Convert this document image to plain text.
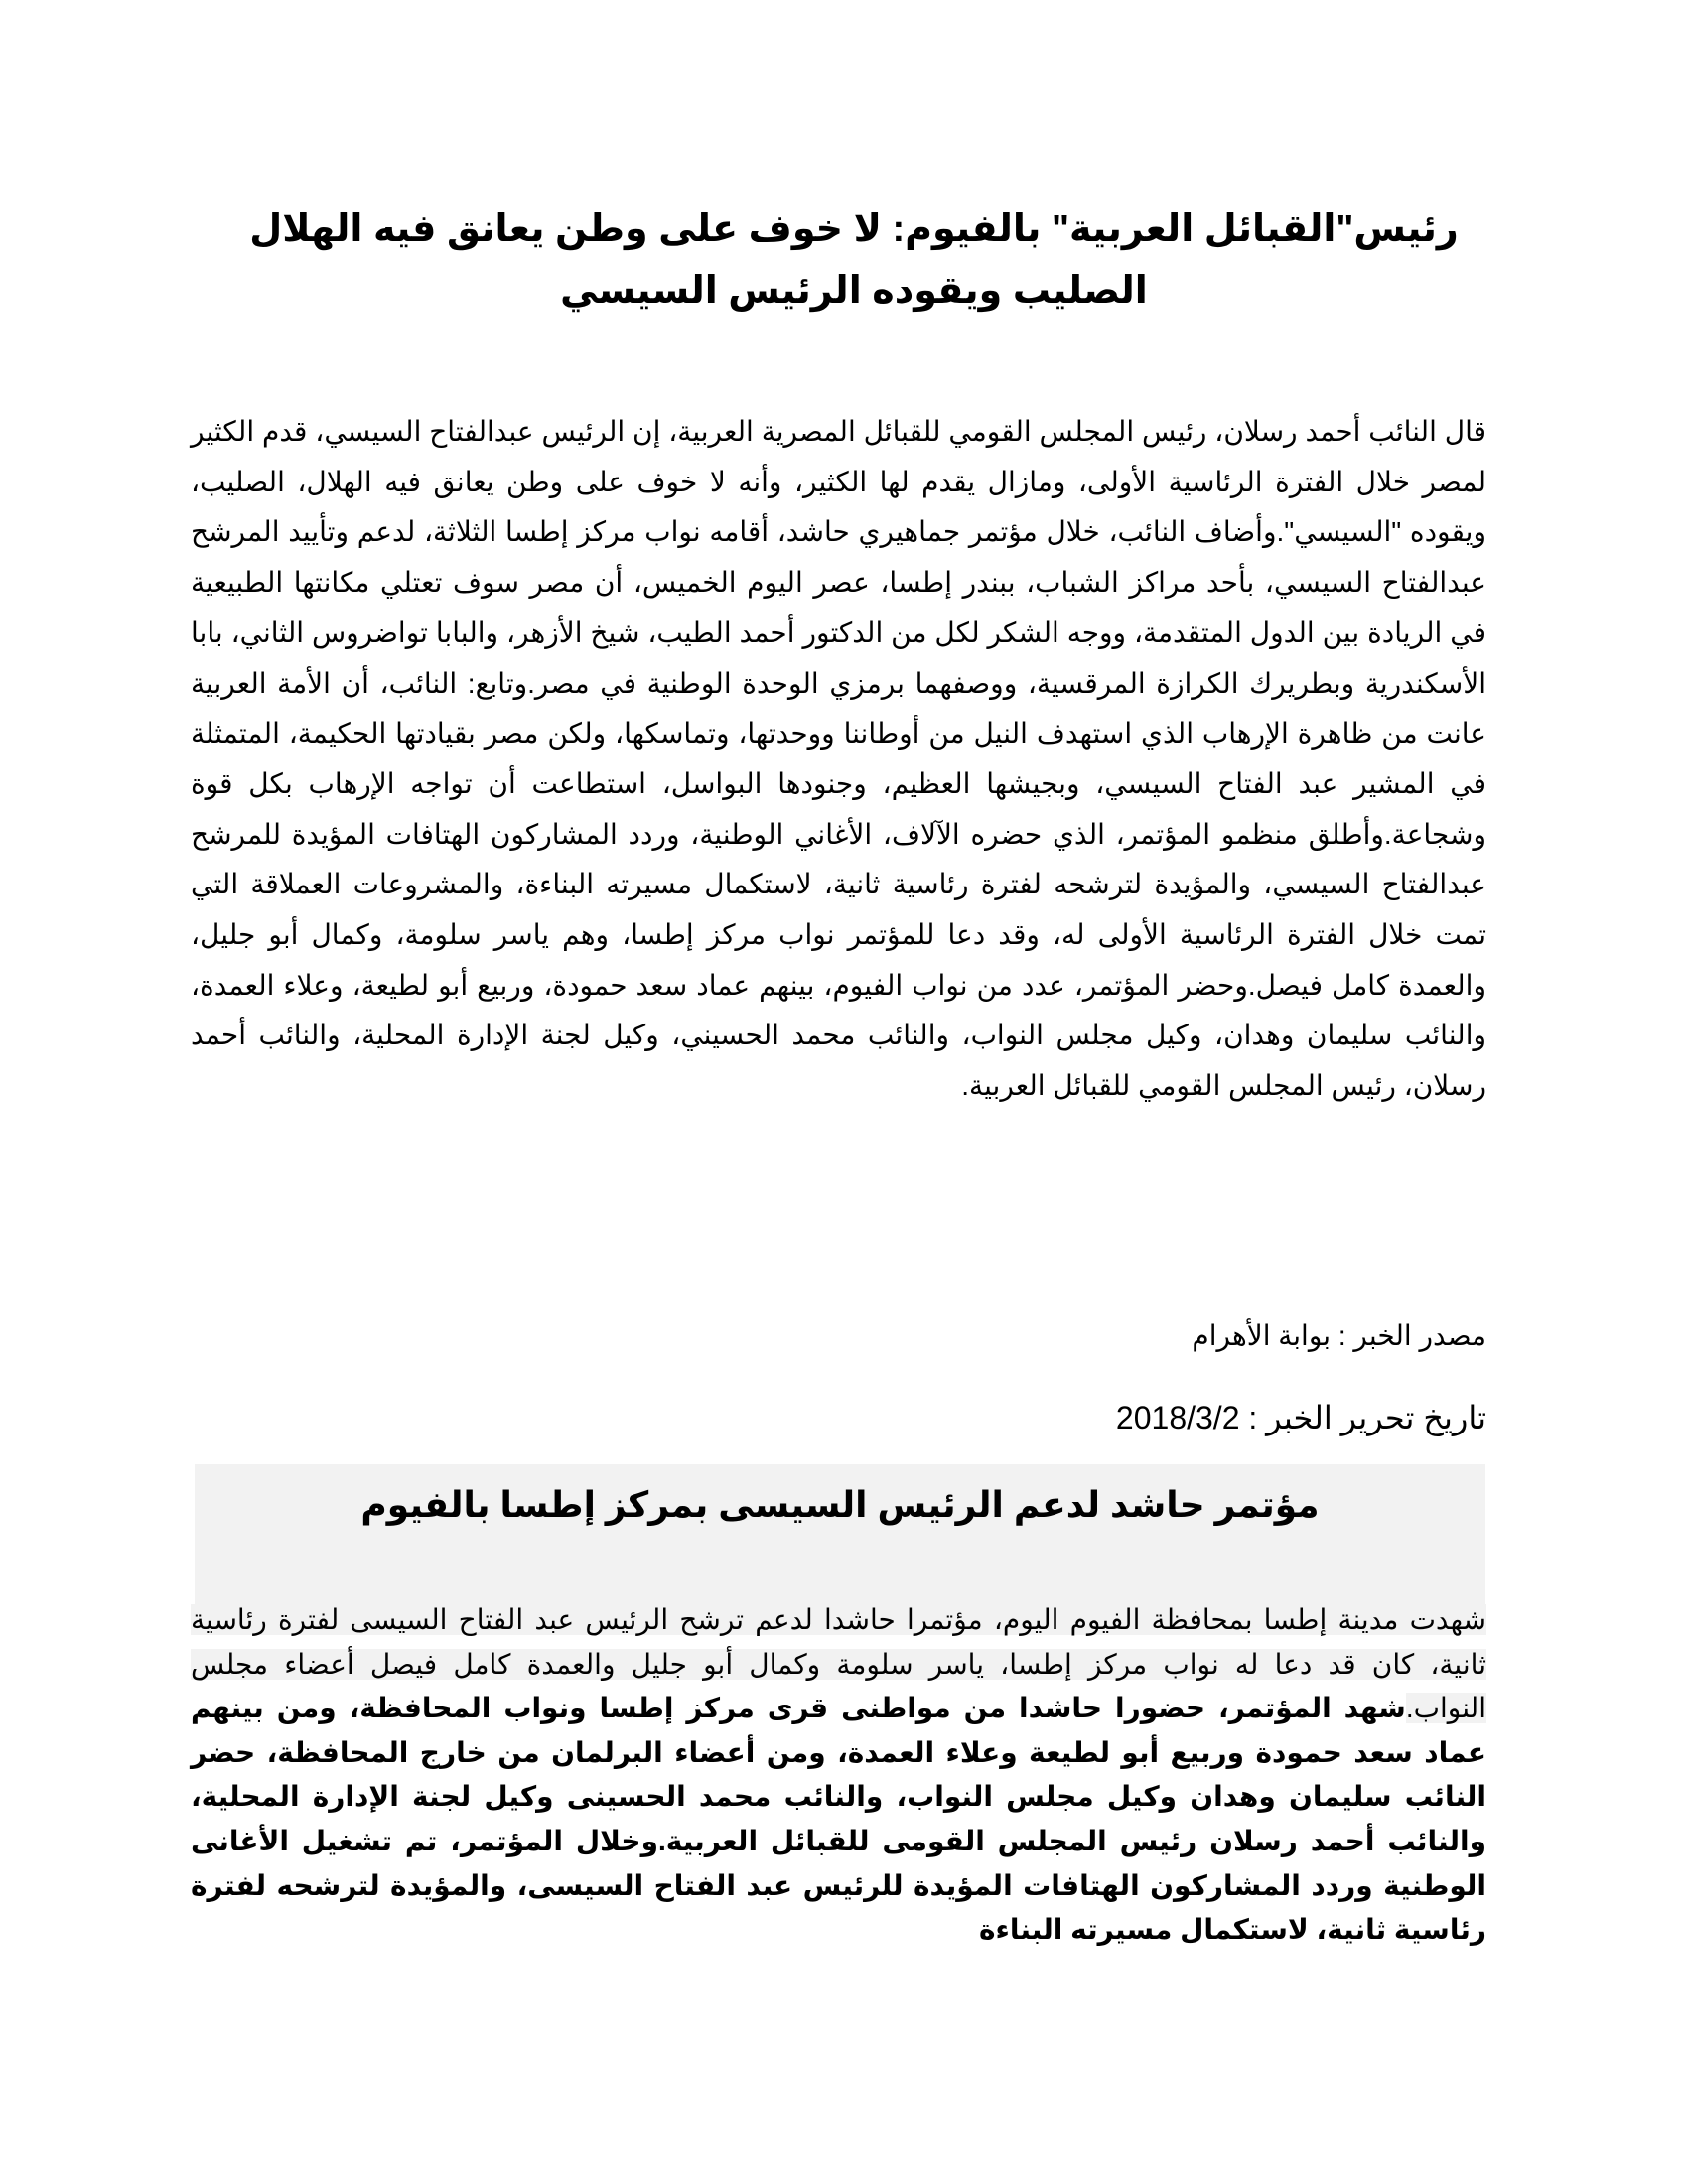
رئيس"القبائل العربية" بالفيوم: لا خوف على وطن يعانق فيه الهلال الصليب ويقوده الرئيس السيسي

قال النائب أحمد رسلان، رئيس المجلس القومي للقبائل المصرية العربية، إن الرئيس عبدالفتاح السيسي، قدم الكثير لمصر خلال الفترة الرئاسية الأولى، ومازال يقدم لها الكثير، وأنه لا خوف على وطن يعانق فيه الهلال، الصليب، ويقوده "السيسي".وأضاف النائب، خلال مؤتمر جماهيري حاشد، أقامه نواب مركز إطسا الثلاثة، لدعم وتأييد المرشح عبدالفتاح السيسي، بأحد مراكز الشباب، ببندر إطسا، عصر اليوم الخميس، أن مصر سوف تعتلي مكانتها الطبيعية في الريادة بين الدول المتقدمة، ووجه الشكر لكل من الدكتور أحمد الطيب، شيخ الأزهر، والبابا تواضروس الثاني، بابا الأسكندرية وبطريرك الكرازة المرقسية، ووصفهما برمزي الوحدة الوطنية في مصر.وتابع: النائب، أن الأمة العربية عانت من ظاهرة الإرهاب الذي استهدف النيل من أوطاننا ووحدتها، وتماسكها، ولكن مصر بقيادتها الحكيمة، المتمثلة في المشير عبد الفتاح السيسي، وبجيشها العظيم، وجنودها البواسل، استطاعت أن تواجه الإرهاب بكل قوة وشجاعة.وأطلق منظمو المؤتمر، الذي حضره الآلاف، الأغاني الوطنية، وردد المشاركون الهتافات المؤيدة للمرشح عبدالفتاح السيسي، والمؤيدة لترشحه لفترة رئاسية ثانية، لاستكمال مسيرته البناءة، والمشروعات العملاقة التي تمت خلال الفترة الرئاسية الأولى له، وقد دعا للمؤتمر نواب مركز إطسا، وهم ياسر سلومة، وكمال أبو جليل، والعمدة كامل فيصل.وحضر المؤتمر، عدد من نواب الفيوم، بينهم عماد سعد حمودة، وربيع أبو لطيعة، وعلاء العمدة، والنائب سليمان وهدان، وكيل مجلس النواب، والنائب محمد الحسيني، وكيل لجنة الإدارة المحلية، والنائب أحمد رسلان، رئيس المجلس القومي للقبائل العربية.

مصدر الخبر : بوابة الأهرام

تاريخ تحرير الخبر : 2018/3/2

مؤتمر حاشد لدعم الرئيس السيسى بمركز إطسا بالفيوم

شهدت مدينة إطسا بمحافظة الفيوم اليوم، مؤتمرا حاشدا لدعم ترشح الرئيس عبد الفتاح السيسى لفترة رئاسية ثانية، كان قد دعا له نواب مركز إطسا، ياسر سلومة وكمال أبو جليل والعمدة كامل فيصل أعضاء مجلس النواب.شهد المؤتمر، حضورا حاشدا من مواطنى قرى مركز إطسا ونواب المحافظة، ومن بينهم عماد سعد حمودة وربيع أبو لطيعة وعلاء العمدة، ومن أعضاء البرلمان من خارج المحافظة، حضر النائب سليمان وهدان وكيل مجلس النواب، والنائب محمد الحسينى وكيل لجنة الإدارة المحلية، والنائب أحمد رسلان رئيس المجلس القومى للقبائل العربية.وخلال المؤتمر، تم تشغيل الأغانى الوطنية وردد المشاركون الهتافات المؤيدة للرئيس عبد الفتاح السيسى، والمؤيدة لترشحه لفترة رئاسية ثانية، لاستكمال مسيرته البناءة
